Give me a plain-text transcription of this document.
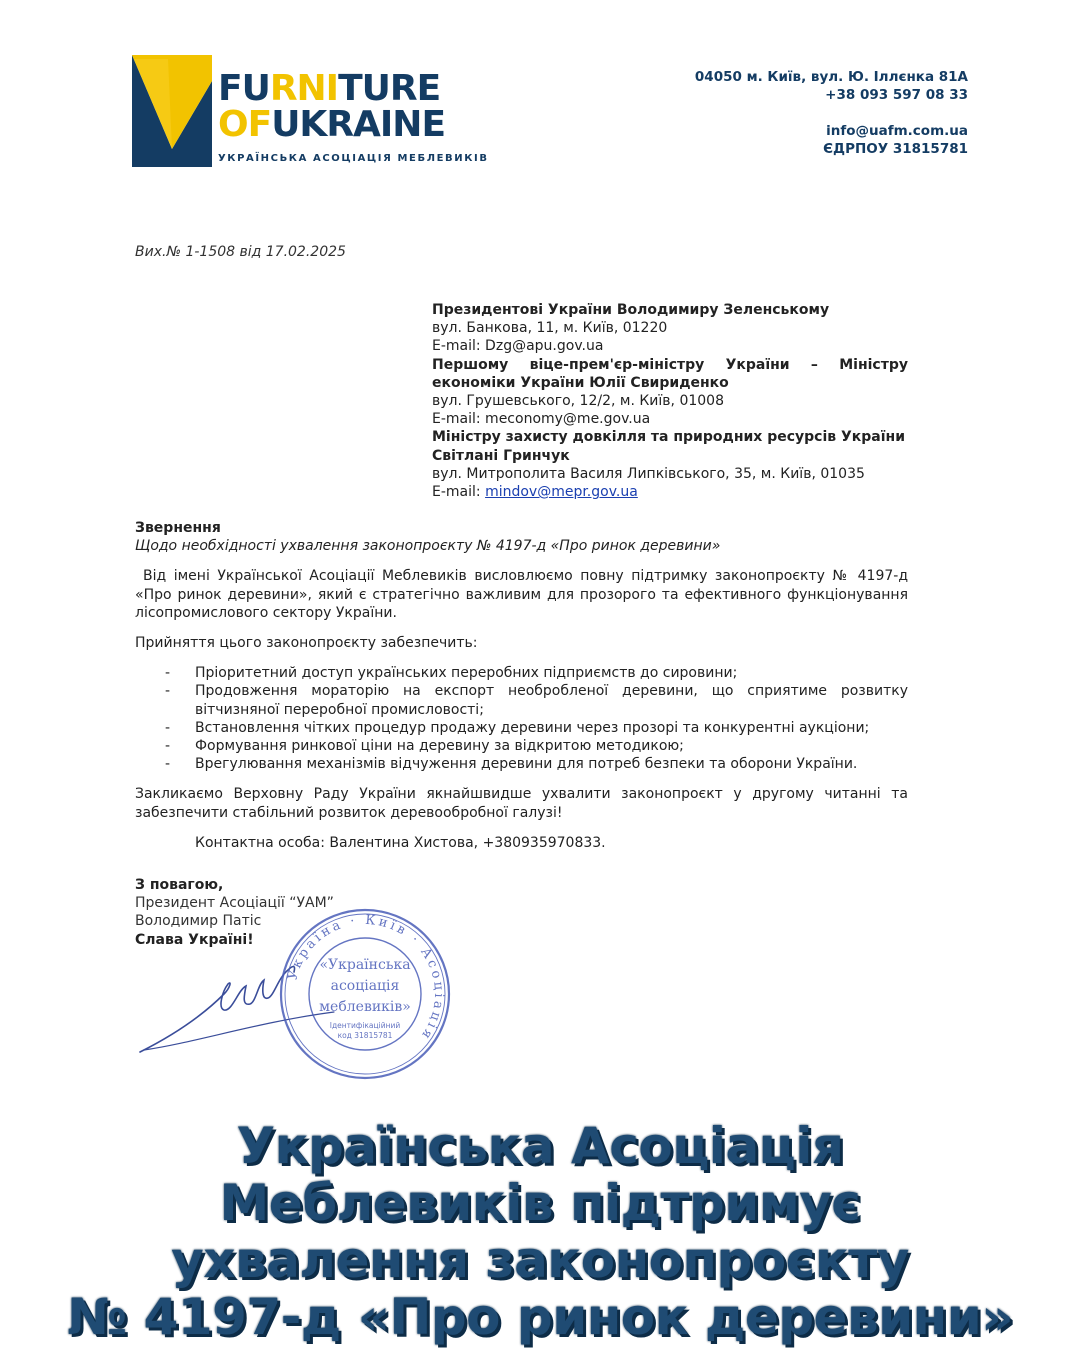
FURNITURE
OFUKRAINE
УКРАЇНСЬКА АСОЦІАЦІЯ МЕБЛЕВИКІВ
04050 м. Київ, вул. Ю. Іллєнка 81А
+38 093 597 08 33
info@uafm.com.ua
ЄДРПОУ 31815781
Вих.№ 1-1508 від 17.02.2025
Президентові України Володимиру Зеленському
вул. Банкова, 11, м. Київ, 01220
E-mail: Dzg@apu.gov.ua
Першому віце-прем'єр-міністру України – Міністру
економіки України Юлії Свириденко
вул. Грушевського, 12/2, м. Київ, 01008
E-mail: meconomy@me.gov.ua
Міністру захисту довкілля та природних ресурсів України
Світлані Гринчук
вул. Митрополита Василя Липківського, 35, м. Київ, 01035
E-mail: mindov@mepr.gov.ua
Звернення
Щодо необхідності ухвалення законопроєкту № 4197-д «Про ринок деревини»

Від імені Української Асоціації Меблевиків висловлюємо повну підтримку законопроєкту № 4197-д «Про ринок деревини», який є стратегічно важливим для прозорого та ефективного функціонування лісопромислового сектору України.

Прийняття цього законопроєкту забезпечить:

- Пріоритетний доступ українських переробних підприємств до сировини;
- Продовження мораторію на експорт необробленої деревини, що сприятиме розвитку вітчизняної переробної промисловості;
- Встановлення чітких процедур продажу деревини через прозорі та конкурентні аукціони;
- Формування ринкової ціни на деревину за відкритою методикою;
- Врегулювання механізмів відчуження деревини для потреб безпеки та оборони України.

Закликаємо Верховну Раду України якнайшвидше ухвалити законопроєкт у другому читанні та забезпечити стабільний розвиток деревообробної галузі!

Контактна особа: Валентина Хистова, +380935970833.
З повагою,
Президент Асоціації “УАМ”
Володимир Патіс
Слава Україні!
Україна · Київ · Асоціація
«Українська
асоціація
меблевиків»
Ідентифікаційний
код 31815781
Українська Асоціація
Меблевиків підтримує
ухвалення законопроєкту
№ 4197-д «Про ринок деревини»
